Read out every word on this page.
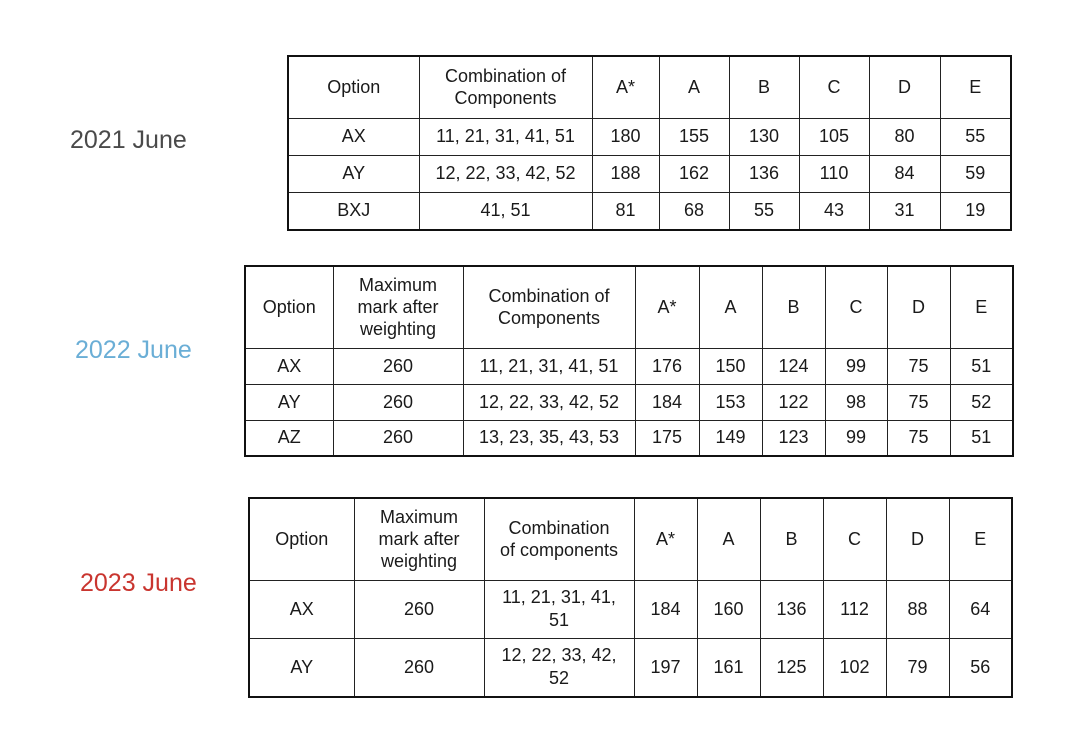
2021 June
Option	Combination of Components	A*	A	B	C	D	E
AX	11, 21, 31, 41, 51	180	155	130	105	80	55
AY	12, 22, 33, 42, 52	188	162	136	110	84	59
BXJ	41, 51	81	68	55	43	31	19
2022 June
Option	Maximum mark after weighting	Combination of Components	A*	A	B	C	D	E
AX	260	11, 21, 31, 41, 51	176	150	124	99	75	51
AY	260	12, 22, 33, 42, 52	184	153	122	98	75	52
AZ	260	13, 23, 35, 43, 53	175	149	123	99	75	51
2023 June
Option	Maximum mark after weighting	Combination of components	A*	A	B	C	D	E
AX	260	11, 21, 31, 41, 51	184	160	136	112	88	64
AY	260	12, 22, 33, 42, 52	197	161	125	102	79	56
